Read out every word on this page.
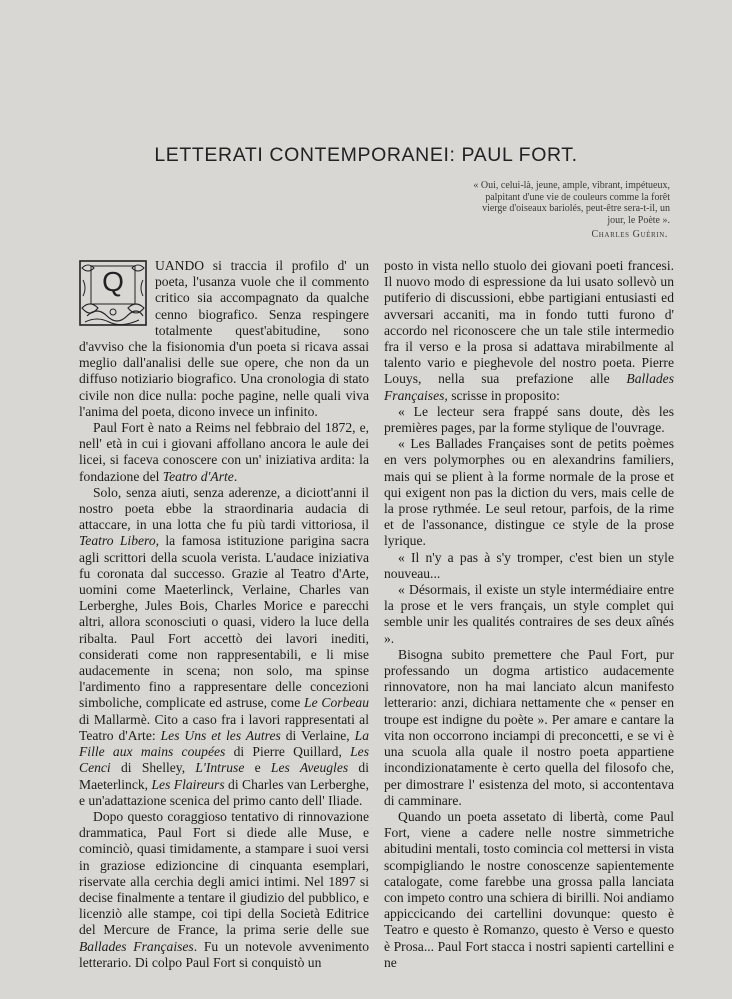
LETTERATI CONTEMPORANEI: PAUL FORT.
« Oui, celui-là, jeune, ample, vibrant, impétueux, palpitant d'une vie de couleurs comme la forêt vierge d'oiseaux bariolés, peut-être sera-t-il, un jour, le Poète ».
Charles Guérin.

Q
UANDO si traccia il profilo d' un poeta, l'usanza vuole che il commento critico sia accompagnato da qualche cenno biografico. Senza respingere totalmente quest'abitudine, sono d'avviso che la fisionomia d'un poeta si ricava assai meglio dall'analisi delle sue opere, che non da un diffuso notiziario biografico. Una cronologia di stato civile non dice nulla: poche pagine, nelle quali viva l'anima del poeta, dicono invece un infinito.

Paul Fort è nato a Reims nel febbraio del 1872, e, nell' età in cui i giovani affollano ancora le aule dei licei, si faceva conoscere con un' iniziativa ardita: la fondazione del Teatro d'Arte.

Solo, senza aiuti, senza aderenze, a diciott'anni il nostro poeta ebbe la straordinaria audacia di attaccare, in una lotta che fu più tardi vittoriosa, il Teatro Libero, la famosa istituzione parigina sacra agli scrittori della scuola verista. L'audace iniziativa fu coronata dal successo. Grazie al Teatro d'Arte, uomini come Maeterlinck, Verlaine, Charles van Lerberghe, Jules Bois, Charles Morice e parecchi altri, allora sconosciuti o quasi, videro la luce della ribalta. Paul Fort accettò dei lavori inediti, considerati come non rappresentabili, e li mise audacemente in scena; non solo, ma spinse l'ardimento fino a rappresentare delle concezioni simboliche, complicate ed astruse, come Le Corbeau di Mallarmè. Cito a caso fra i lavori rappresentati al Teatro d'Arte: Les Uns et les Autres di Verlaine, La Fille aux mains coupées di Pierre Quillard, Les Cenci di Shelley, L'Intruse e Les Aveugles di Maeterlinck, Les Flaireurs di Charles van Lerberghe, e un'adattazione scenica del primo canto dell' Iliade.

Dopo questo coraggioso tentativo di rinnovazione drammatica, Paul Fort si diede alle Muse, e cominciò, quasi timidamente, a stampare i suoi versi in graziose edizioncine di cinquanta esemplari, riservate alla cerchia degli amici intimi. Nel 1897 si decise finalmente a tentare il giudizio del pubblico, e licenziò alle stampe, coi tipi della Società Editrice del Mercure de France, la prima serie delle sue Ballades Françaises. Fu un notevole avvenimento letterario. Di colpo Paul Fort si conquistò un

posto in vista nello stuolo dei giovani poeti francesi. Il nuovo modo di espressione da lui usato sollevò un putiferio di discussioni, ebbe partigiani entusiasti ed avversari accaniti, ma in fondo tutti furono d' accordo nel riconoscere che un tale stile intermedio fra il verso e la prosa si adattava mirabilmente al talento vario e pieghevole del nostro poeta. Pierre Louys, nella sua prefazione alle Ballades Françaises, scrisse in proposito:

« Le lecteur sera frappé sans doute, dès les premières pages, par la forme stylique de l'ouvrage.

« Les Ballades Françaises sont de petits poèmes en vers polymorphes ou en alexandrins familiers, mais qui se plient à la forme normale de la prose et qui exigent non pas la diction du vers, mais celle de la prose rythmée. Le seul retour, parfois, de la rime et de l'assonance, distingue ce style de la prose lyrique.

« Il n'y a pas à s'y tromper, c'est bien un style nouveau...

« Désormais, il existe un style intermédiaire entre la prose et le vers français, un style complet qui semble unir les qualités contraires de ses deux aînés ».

Bisogna subito premettere che Paul Fort, pur professando un dogma artistico audacemente rinnovatore, non ha mai lanciato alcun manifesto letterario: anzi, dichiara nettamente che « penser en troupe est indigne du poète ». Per amare e cantare la vita non occorrono inciampi di preconcetti, e se vi è una scuola alla quale il nostro poeta appartiene incondizionatamente è certo quella del filosofo che, per dimostrare l' esistenza del moto, si accontentava di camminare.

Quando un poeta assetato di libertà, come Paul Fort, viene a cadere nelle nostre simmetriche abitudini mentali, tosto comincia col mettersi in vista scompigliando le nostre conoscenze sapientemente catalogate, come farebbe una grossa palla lanciata con impeto contro una schiera di birilli. Noi andiamo appiccicando dei cartellini dovunque: questo è Teatro e questo è Romanzo, questo è Verso e questo è Prosa... Paul Fort stacca i nostri sapienti cartellini e ne
